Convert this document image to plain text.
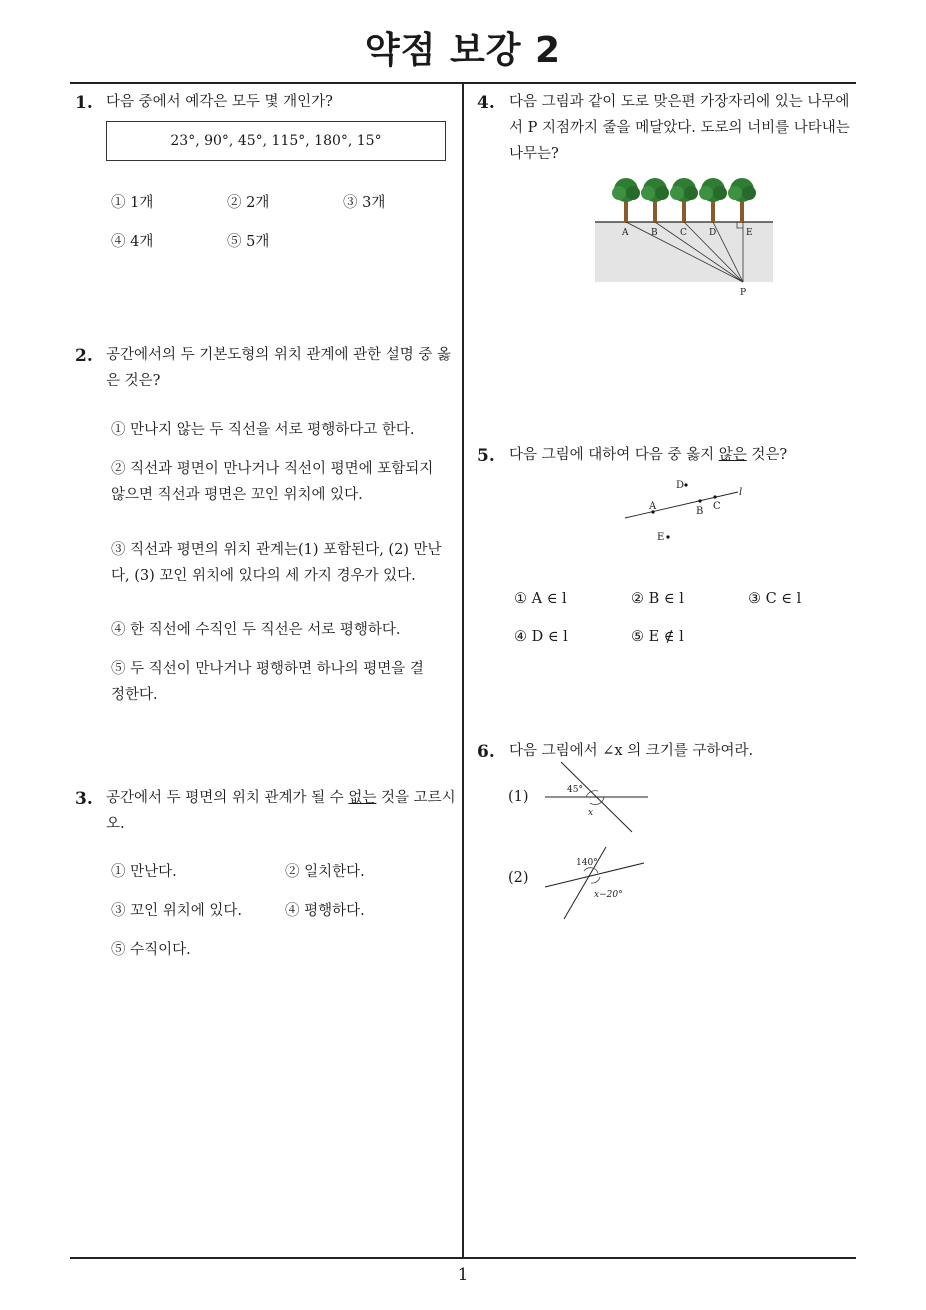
약점 보강 2
1
1. 다음 중에서 예각은 모두 몇 개인가?
23°, 90°, 45°, 115°, 180°, 15°
① 1개	② 2개	③ 3개
④ 4개	⑤ 5개
2. 공간에서의 두 기본도형의 위치 관계에 관한 설명 중 옳은 것은?
① 만나지 않는 두 직선을 서로 평행하다고 한다.
② 직선과 평면이 만나거나 직선이 평면에 포함되지 않으면 직선과 평면은 꼬인 위치에 있다.
③ 직선과 평면의 위치 관계는(1) 포함된다, (2) 만난다, (3) 꼬인 위치에 있다의 세 가지 경우가 있다.
④ 한 직선에 수직인 두 직선은 서로 평행하다.
⑤ 두 직선이 만나거나 평행하면 하나의 평면을 결정한다.
3. 공간에서 두 평면의 위치 관계가 될 수 없는 것을 고르시오.
① 만난다.	② 일치한다.
③ 꼬인 위치에 있다.	④ 평행하다.
⑤ 수직이다.
4. 다음 그림과 같이 도로 맞은편 가장자리에 있는 나무에서 P 지점까지 줄을 메달았다. 도로의 너비를 나타내는 나무는?
A	B C D	E
P
5. 다음 그림에 대하여 다음 중 옳지 않은 것은?
l
A	B C
D
E
① A ∈ l	② B ∈ l	③ C ∈ l
④ D ∈ l	⑤ E ∉ l
6. 다음 그림에서 ∠x 의 크기를 구하여라.
(1)	45°
x
(2)
140°
x−20°
